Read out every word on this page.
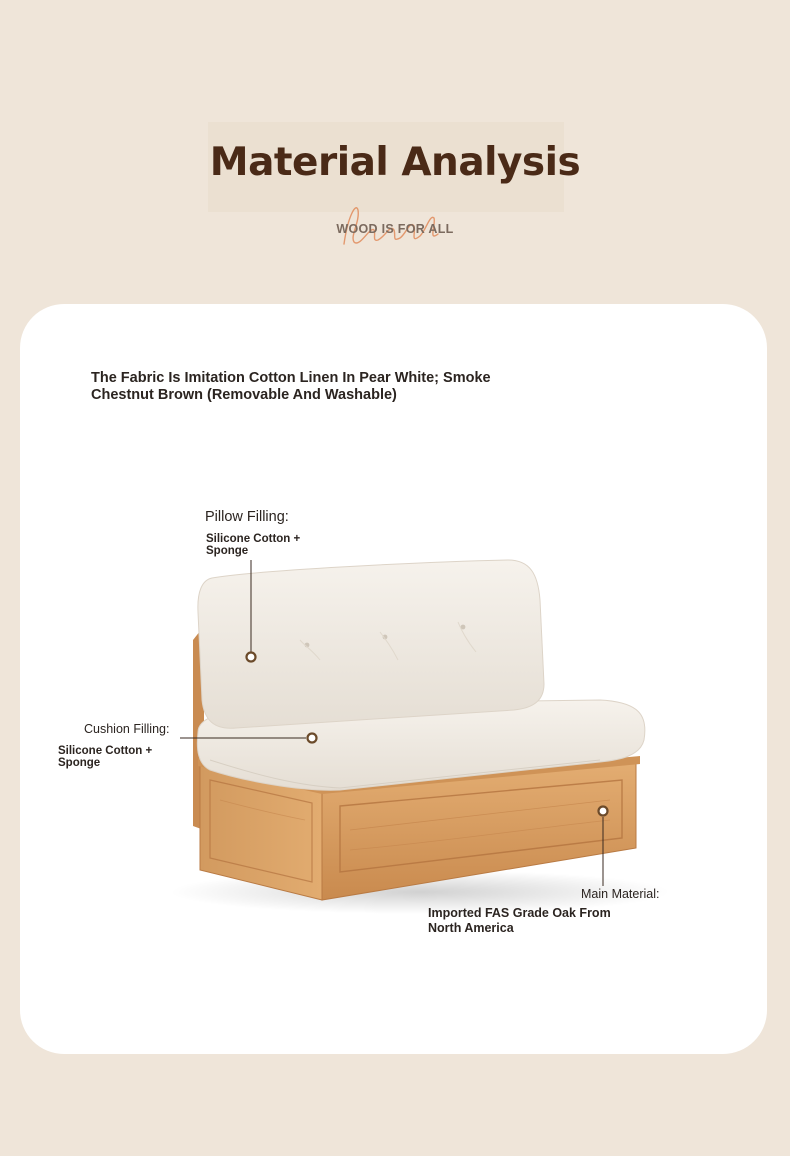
Material Analysis
WOOD IS FOR ALL
The Fabric Is Imitation Cotton Linen In Pear White; Smoke Chestnut Brown (Removable And Washable)
Pillow Filling:
Silicone Cotton + Sponge
Cushion Filling:
Silicone Cotton + Sponge
Main Material:
Imported FAS Grade Oak From North America
